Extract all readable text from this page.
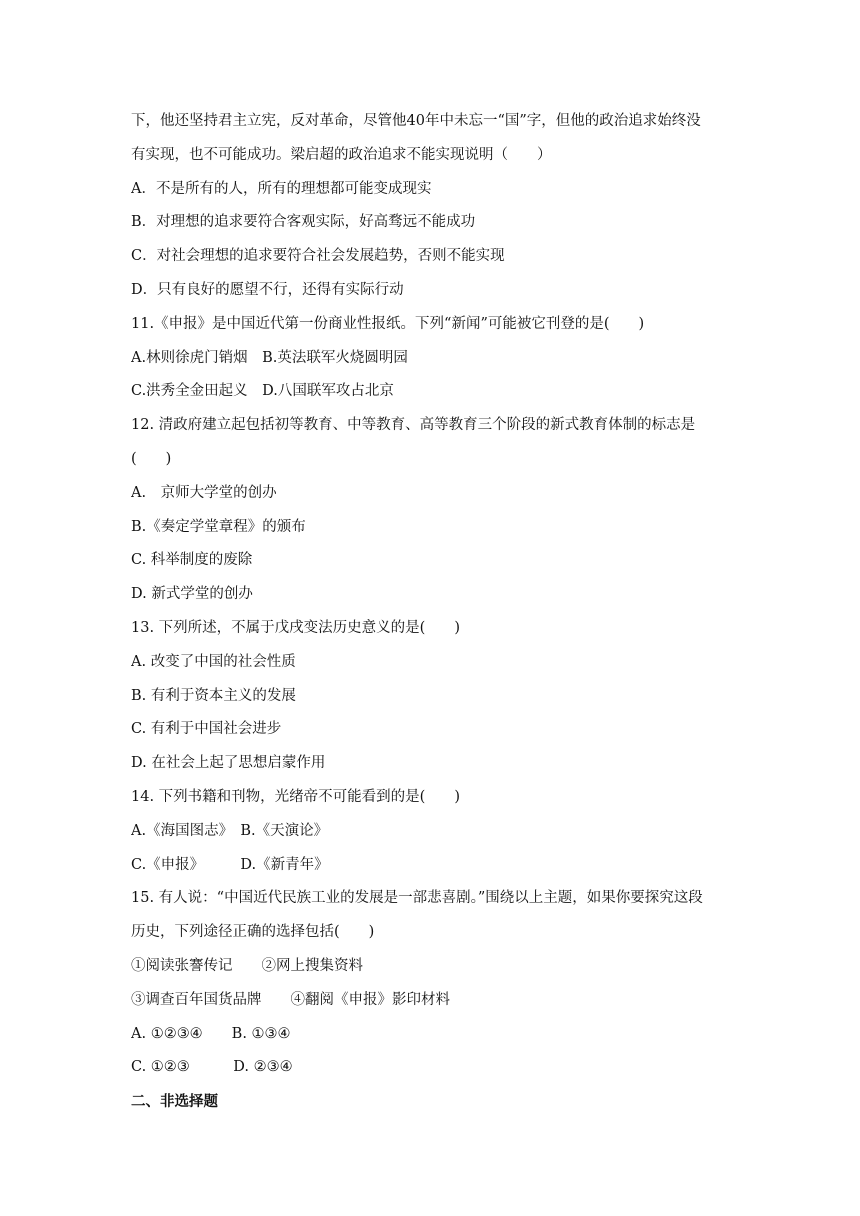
下，他还坚持君主立宪，反对革命，尽管他40年中未忘一“国”字，但他的政治追求始终没
有实现，也不可能成功。梁启超的政治追求不能实现说明（　　）
A．不是所有的人，所有的理想都可能变成现实
B．对理想的追求要符合客观实际，好高骛远不能成功
C．对社会理想的追求要符合社会发展趋势，否则不能实现
D．只有良好的愿望不行，还得有实际行动
11.《申报》是中国近代第一份商业性报纸。下列“新闻”可能被它刊登的是(　　)
A.林则徐虎门销烟　B.英法联军火烧圆明园
C.洪秀全金田起义　D.八国联军攻占北京
12. 清政府建立起包括初等教育、中等教育、高等教育三个阶段的新式教育体制的标志是
(　　)
A.　京师大学堂的创办
B.《奏定学堂章程》的颁布
C. 科举制度的废除
D. 新式学堂的创办
13. 下列所述，不属于戊戌变法历史意义的是(　　)
A. 改变了中国的社会性质
B. 有利于资本主义的发展
C. 有利于中国社会进步
D. 在社会上起了思想启蒙作用
14. 下列书籍和刊物，光绪帝不可能看到的是(　　)
A.《海国图志》　B.《天演论》
C.《申报》　　　D.《新青年》
15. 有人说：“中国近代民族工业的发展是一部悲喜剧。”围绕以上主题，如果你要探究这段
历史，下列途径正确的选择包括(　　)
①阅读张謇传记　　②网上搜集资料
③调查百年国货品牌　　④翻阅《申报》影印材料
A. ①②③④　　B. ①③④
C. ①②③　　　D. ②③④
二、非选择题
